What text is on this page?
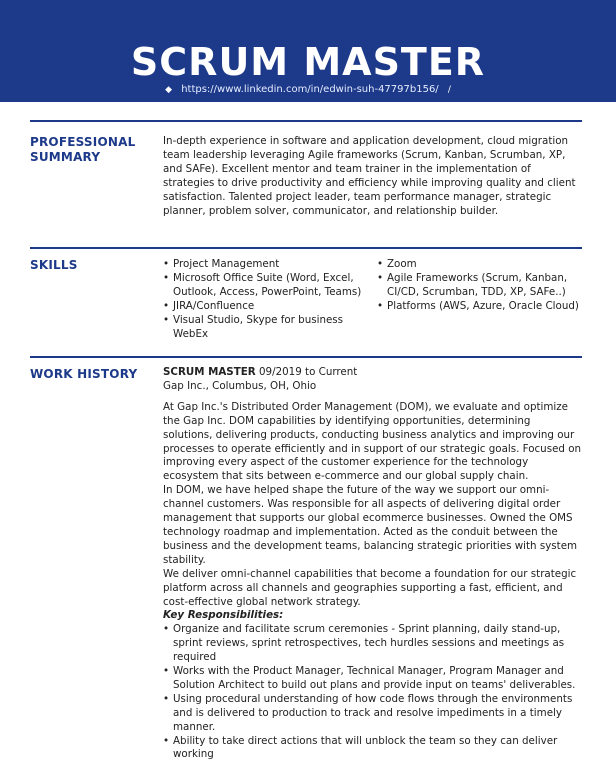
SCRUM MASTER
◆ https://www.linkedin.com/in/edwin-suh-47797b156/ /
PROFESSIONAL SUMMARY

In-depth experience in software and application development, cloud migration team leadership leveraging Agile frameworks (Scrum, Kanban, Scrumban, XP, and SAFe). Excellent mentor and team trainer in the implementation of strategies to drive productivity and efficiency while improving quality and client satisfaction. Talented project leader, team performance manager, strategic planner, problem solver, communicator, and relationship builder.

SKILLS
•	Project Management
• Microsoft Office Suite (Word, Excel, Outlook, Access, PowerPoint, Teams)
• JIRA/Confluence
• Visual Studio, Skype for business WebEx
• Zoom
• Agile Frameworks (Scrum, Kanban, CI/CD, Scrumban, TDD, XP, SAFe..)
• Platforms (AWS, Azure, Oracle Cloud)
WORK HISTORY	SCRUM MASTER 09/2019 to Current
Gap Inc., Columbus, OH, Ohio

At Gap Inc.'s Distributed Order Management (DOM), we evaluate and optimize the Gap Inc. DOM capabilities by identifying opportunities, determining solutions, delivering products, conducting business analytics and improving our processes to operate efficiently and in support of our strategic goals. Focused on improving every aspect of the customer experience for the technology ecosystem that sits between e-commerce and our global supply chain.

In DOM, we have helped shape the future of the way we support our omni-channel customers. Was responsible for all aspects of delivering digital order management that supports our global ecommerce businesses. Owned the OMS technology roadmap and implementation. Acted as the conduit between the business and the development teams, balancing strategic priorities with system stability.

We deliver omni-channel capabilities that become a foundation for our strategic platform across all channels and geographies supporting a fast, efficient, and cost-effective global network strategy.

Key Responsibilities:
• Organize and facilitate scrum ceremonies - Sprint planning, daily stand-up, sprint reviews, sprint retrospectives, tech hurdles sessions and meetings as required
• Works with the Product Manager, Technical Manager, Program Manager and Solution Architect to build out plans and provide input on teams' deliverables.
• Using procedural understanding of how code flows through the environments and is delivered to production to track and resolve impediments in a timely manner.
• Ability to take direct actions that will unblock the team so they can deliver working
